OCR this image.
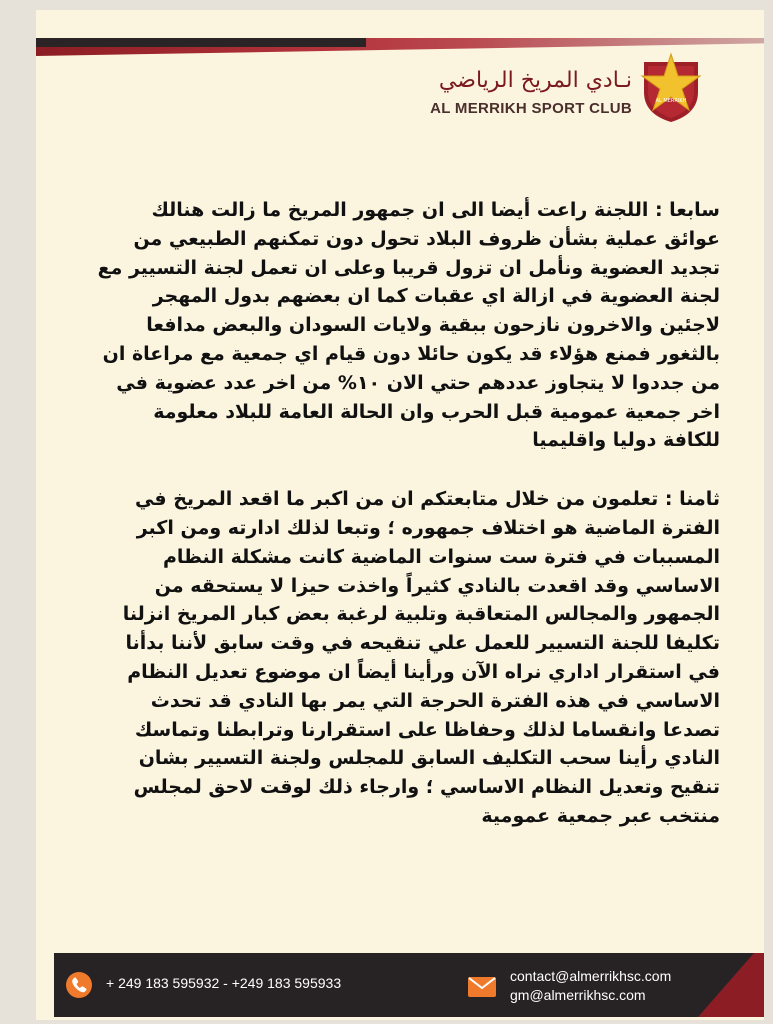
AL MERRIKH
نـادي المريخ الرياضي
AL MERRIKH SPORT CLUB

سابعا : اللجنة راعت أيضا الى ان جمهور المريخ ما زالت هنالك عوائق عملية بشأن ظروف البلاد تحول دون تمكنهم الطبيعي من تجديد العضوية ونأمل ان تزول قريبا وعلى ان تعمل لجنة التسيير مع لجنة العضوية في ازالة اي عقبات كما ان بعضهم بدول المهجر لاجئين والاخرون نازحون ببقية ولايات السودان والبعض مدافعا بالثغور فمنع هؤلاء قد يكون حائلا دون قيام اي جمعية مع مراعاة ان من جددوا لا يتجاوز عددهم حتي الان ١٠% من اخر عدد عضوية في اخر جمعية عمومية قبل الحرب وان الحالة العامة للبلاد معلومة للكافة دوليا واقليميا

ثامنا : تعلمون من خلال متابعتكم ان من اكبر ما اقعد المريخ في الفترة الماضية هو اختلاف جمهوره ؛ وتبعا لذلك ادارته ومن اكبر المسببات في فترة ست سنوات الماضية كانت مشكلة النظام الاساسي وقد اقعدت بالنادي كثيراً واخذت حيزا لا يستحقه من الجمهور والمجالس المتعاقبة وتلبية لرغبة بعض كبار المريخ انزلنا تكليفا للجنة التسيير للعمل علي تنقيحه في وقت سابق لأننا بدأنا في استقرار اداري نراه الآن ورأينا أيضاً ان موضوع تعديل النظام الاساسي في هذه الفترة الحرجة التي يمر بها النادي قد تحدث تصدعا وانقساما لذلك وحفاظا على استقرارنا وترابطنا وتماسك النادي رأينا سحب التكليف السابق للمجلس ولجنة التسيير بشان تنقيح وتعديل النظام الاساسي ؛ وارجاء ذلك لوقت لاحق لمجلس منتخب عبر جمعية عمومية

+ 249 183 595932 - +249 183 595933	contact@almerrikhsc.com
gm@almerrikhsc.com
